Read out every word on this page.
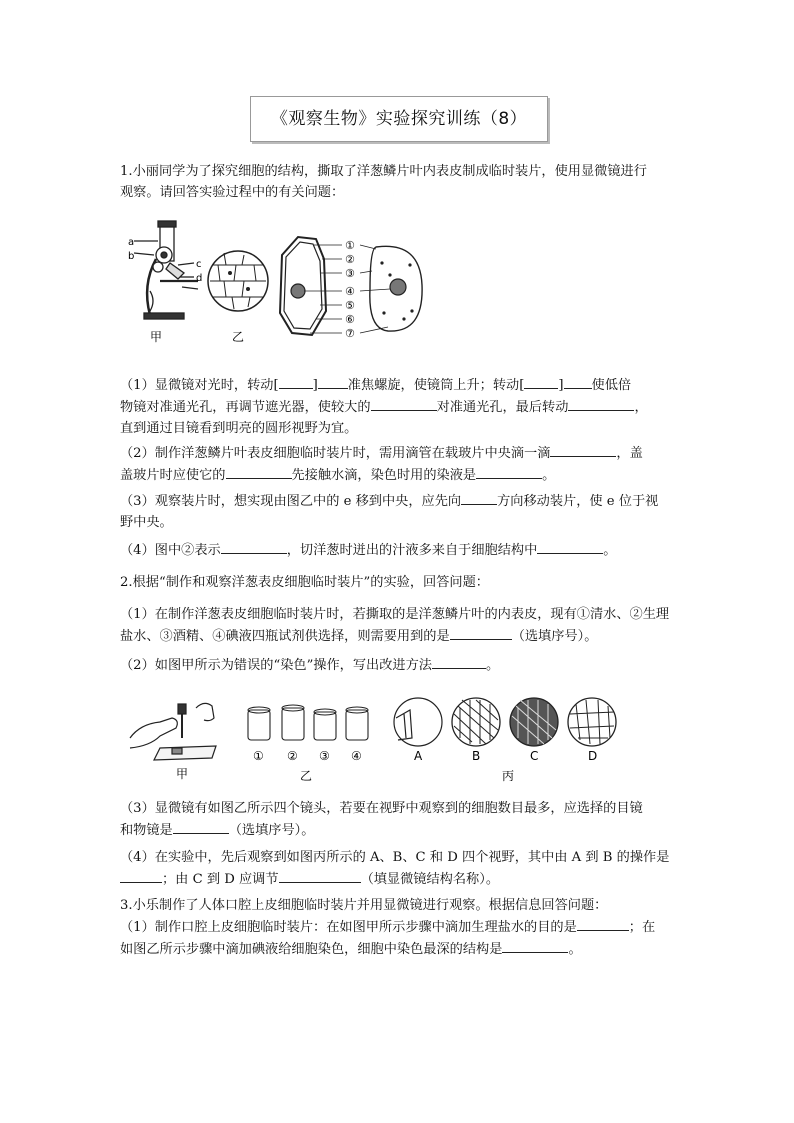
《观察生物》实验探究训练（8）

1.小丽同学为了探究细胞的结构，撕取了洋葱鳞片叶内表皮制成临时装片，使用显微镜进行

观察。请回答实验过程中的有关问题：

a
b
c
d
甲	乙
①
②
③
④
⑤
⑥
⑦

（1）显微镜对光时，转动[	] 准焦螺旋，使镜筒上升；转动[	] 使低倍

物镜对准通光孔，再调节遮光器，使较大的	对准通光孔，最后转动	，

直到通过目镜看到明亮的圆形视野为宜。

（2）制作洋葱鳞片叶表皮细胞临时装片时，需用滴管在载玻片中央滴一滴	，盖

盖玻片时应使它的	先接触水滴，染色时用的染液是	。

（3）观察装片时，想实现由图乙中的 e 移到中央，应先向	方向移动装片，使 e 位于视

野中央。

（4）图中②表示	，切洋葱时迸出的汁液多来自于细胞结构中	。

2.根据“制作和观察洋葱表皮细胞临时装片”的实验，回答问题：

（1）在制作洋葱表皮细胞临时装片时，若撕取的是洋葱鳞片叶的内表皮，现有①清水、②生理

盐水、③酒精、④碘液四瓶试剂供选择，则需要用到的是	（选填序号）。

（2）如图甲所示为错误的“染色”操作，写出改进方法	。

甲
① ② ③ ④
乙
A	B	C	D
丙

（3）显微镜有如图乙所示四个镜头，若要在视野中观察到的细胞数目最多，应选择的目镜

和物镜是	（选填序号）。

（4）在实验中，先后观察到如图丙所示的 A、B、C 和 D 四个视野，其中由 A 到 B 的操作是

；由 C 到 D 应调节	（填显微镜结构名称）。

3.小乐制作了人体口腔上皮细胞临时装片并用显微镜进行观察。根据信息回答问题：

（1）制作口腔上皮细胞临时装片：在如图甲所示步骤中滴加生理盐水的目的是	；在

如图乙所示步骤中滴加碘液给细胞染色，细胞中染色最深的结构是	。
